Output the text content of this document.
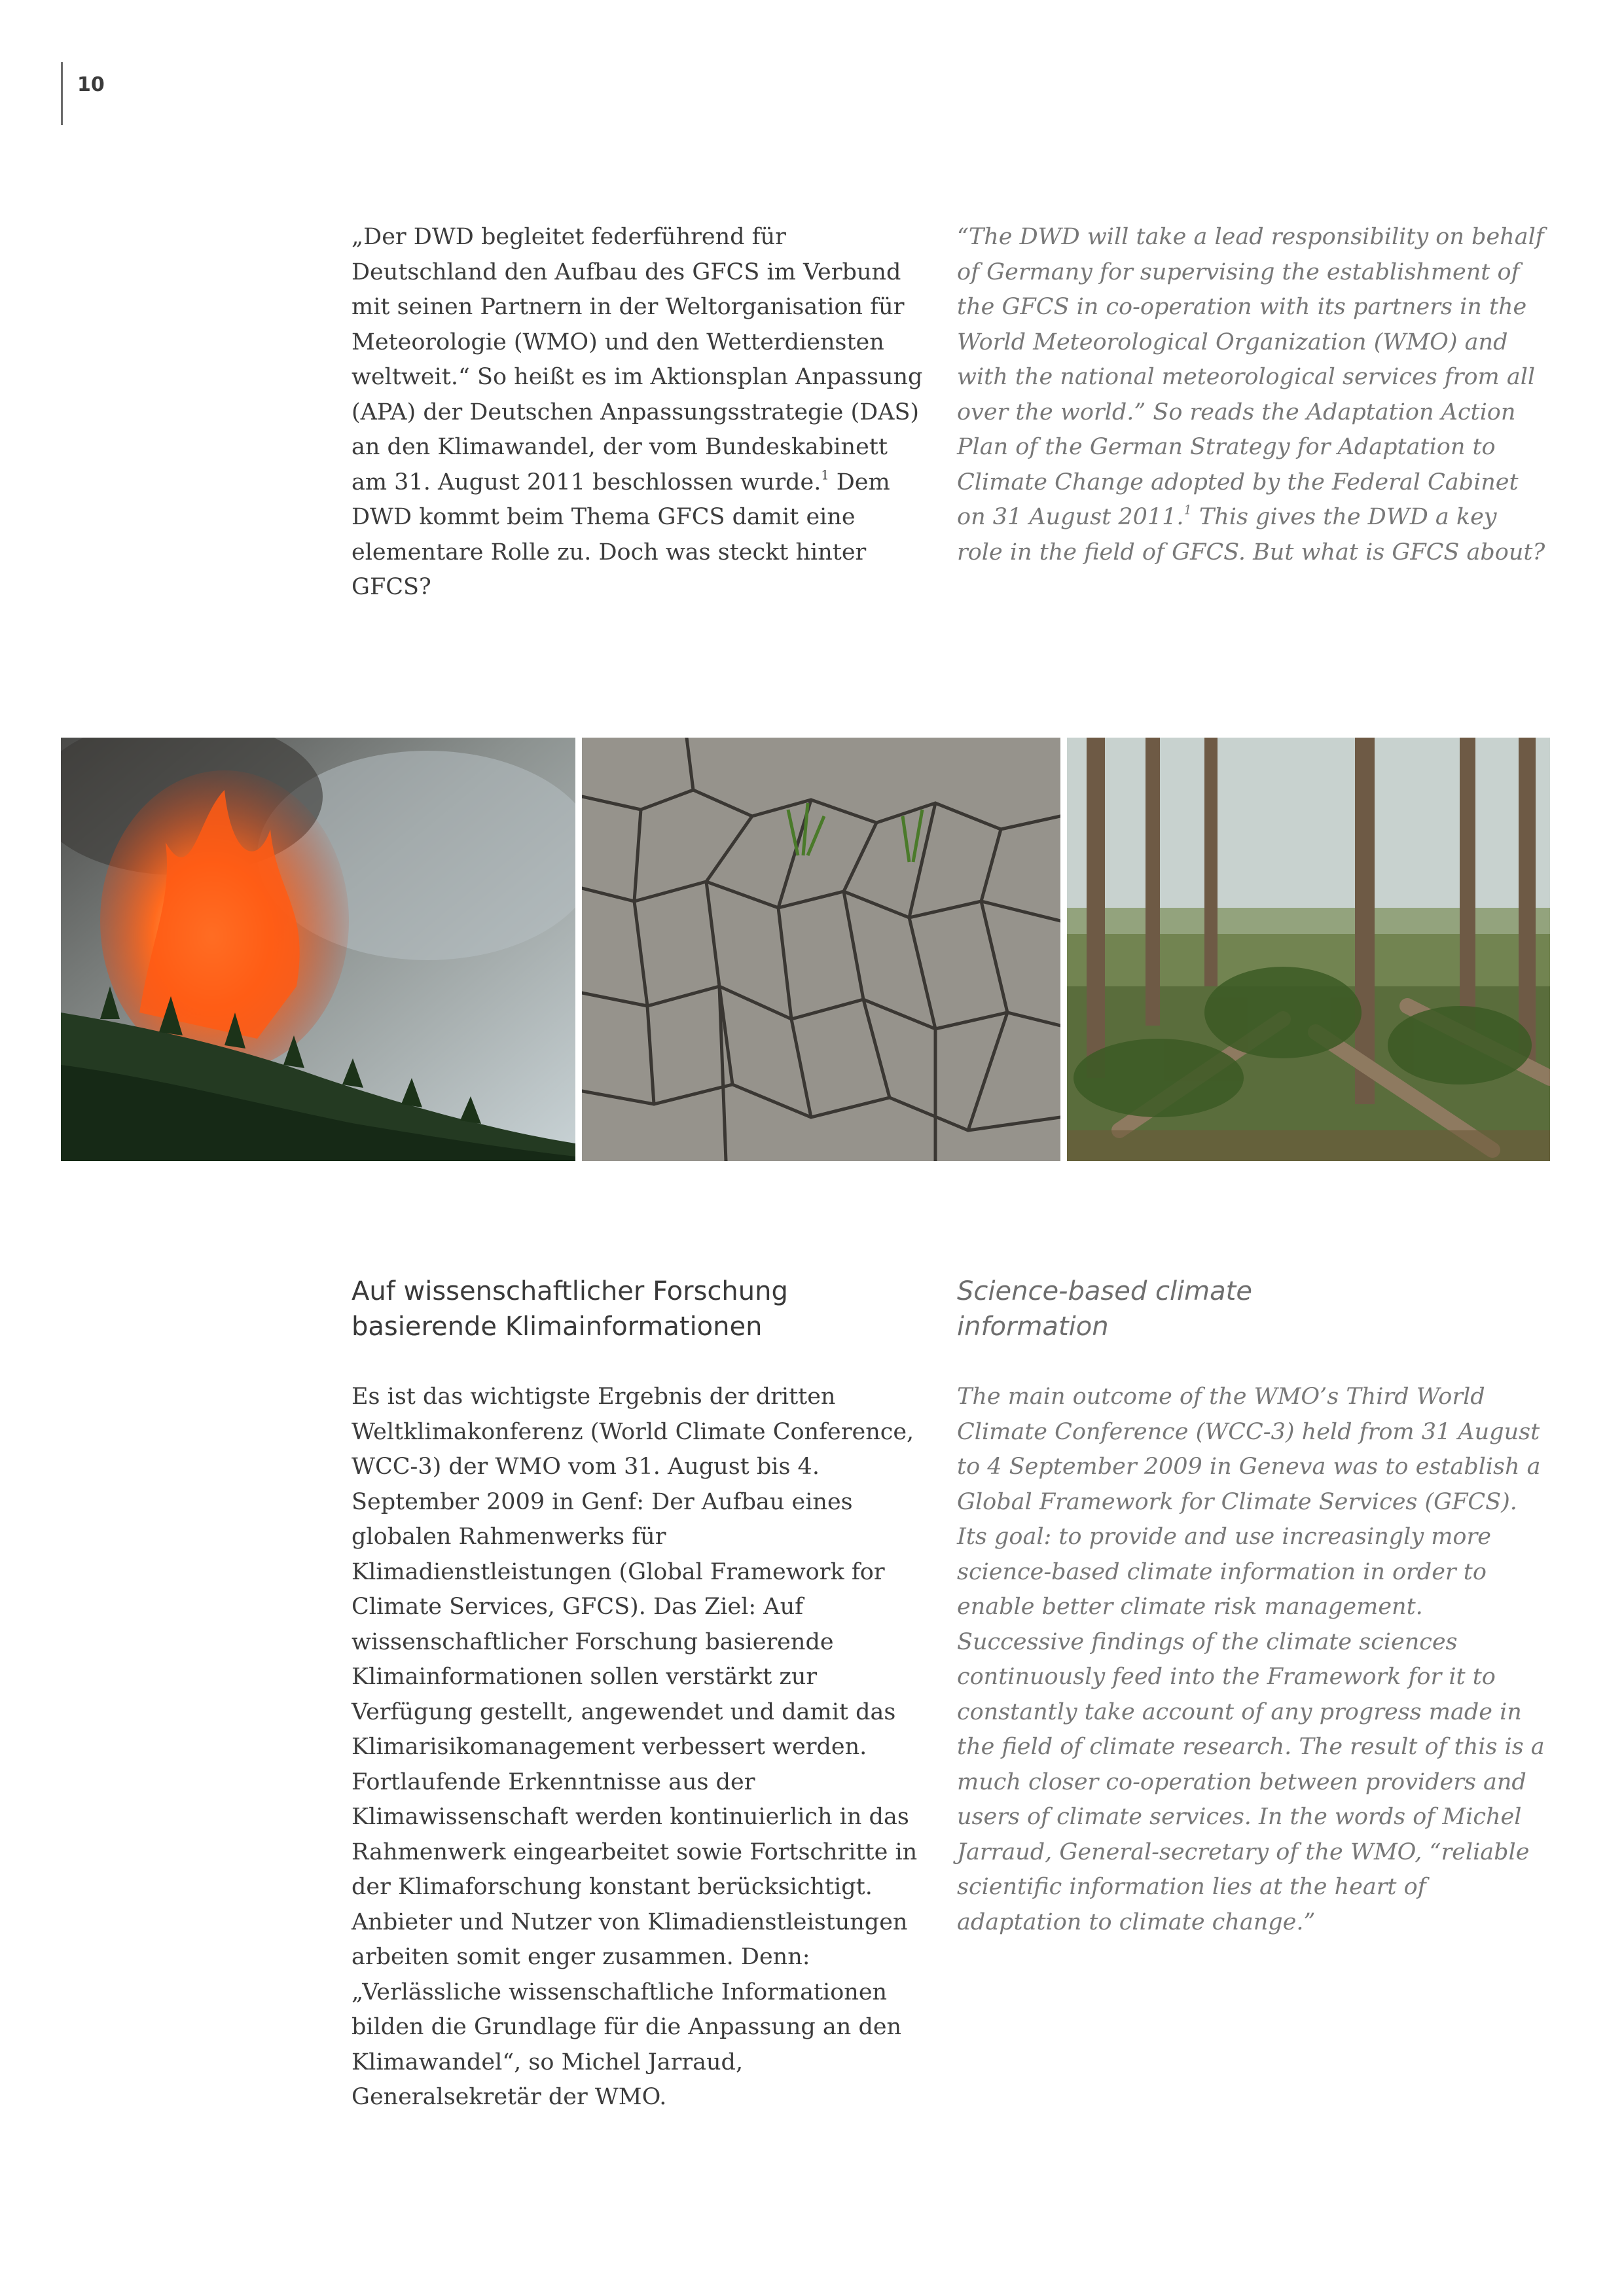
10

„Der DWD begleitet federführend für Deutschland den Aufbau des GFCS im Verbund mit seinen Partnern in der Weltorganisation für Meteorologie (WMO) und den Wetterdiensten weltweit.“ So heißt es im Aktionsplan Anpassung (APA) der Deutschen Anpassungsstrategie (DAS) an den Klimawandel, der vom Bundeskabinett am 31. August 2011 beschlossen wurde.$^1$ Dem DWD kommt beim Thema GFCS damit eine elementare Rolle zu. Doch was steckt hinter GFCS?

“The DWD will take a lead responsibility on behalf of Germany for supervising the establishment of the GFCS in co-operation with its partners in the World Meteorological Organization (WMO) and with the national meteorological services from all over the world.” So reads the Adaptation Action Plan of the German Strategy for Adaptation to Climate Change adopted by the Federal Cabinet on 31 August 2011.$^1$ This gives the DWD a key role in the field of GFCS. But what is GFCS about?

Auf wissenschaftlicher Forschung
basierende Klimainformationen

Es ist das wichtigste Ergebnis der dritten Weltklimakonferenz (World Climate Conference, WCC-3) der WMO vom 31. August bis 4. September 2009 in Genf: Der Aufbau eines globalen Rahmenwerks für Klimadienstleistungen (Global Framework for Climate Services, GFCS). Das Ziel: Auf wissenschaftlicher Forschung basierende Klimainformationen sollen verstärkt zur Verfügung gestellt, angewendet und damit das Klimarisikomanagement verbessert werden. Fortlaufende Erkenntnisse aus der Klimawissenschaft werden kontinuierlich in das Rahmenwerk eingearbeitet sowie Fortschritte in der Klimaforschung konstant berücksichtigt. Anbieter und Nutzer von Klimadienstleistungen arbeiten somit enger zusammen. Denn: „Verlässliche wissenschaftliche Informationen bilden die Grundlage für die Anpassung an den Klimawandel“, so Michel Jarraud, Generalsekretär der WMO.

Science-based climate
information

The main outcome of the WMO’s Third World Climate Conference (WCC-3) held from 31 August to 4 September 2009 in Geneva was to establish a Global Framework for Climate Services (GFCS). Its goal: to provide and use increasingly more science-based climate information in order to enable better climate risk management. Successive findings of the climate sciences continuously feed into the Framework for it to constantly take account of any progress made in the field of climate research. The result of this is a much closer co-operation between providers and users of climate services. In the words of Michel Jarraud, General-secretary of the WMO, “reliable scientific information lies at the heart of adaptation to climate change.”
